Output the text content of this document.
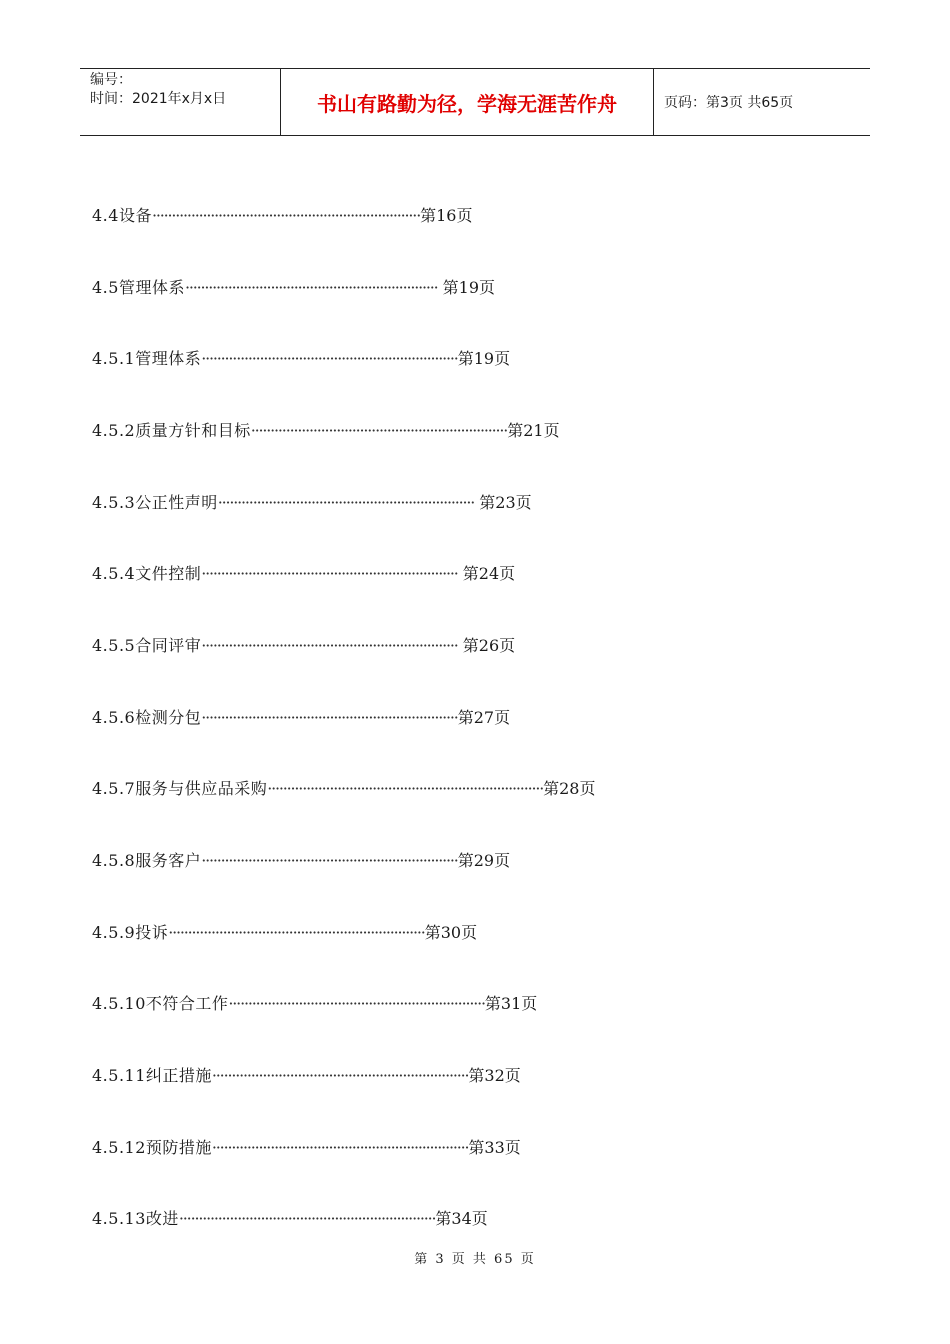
编号：
时间：2021年x月x日	书山有路勤为径，学海无涯苦作舟	页码：第3页 共65页
4.4设备·····································································第16页
4.5管理体系································································· 第19页
4.5.1管理体系··································································第19页
4.5.2质量方针和目标··································································第21页
4.5.3公正性声明·································································· 第23页
4.5.4文件控制·································································· 第24页
4.5.5合同评审·································································· 第26页
4.5.6检测分包··································································第27页
4.5.7服务与供应品采购·······································································第28页
4.5.8服务客户··································································第29页
4.5.9投诉··································································第30页
4.5.10不符合工作··································································第31页
4.5.11纠正措施··································································第32页
4.5.12预防措施··································································第33页
4.5.13改进··································································第34页
第 3 页 共 65 页
